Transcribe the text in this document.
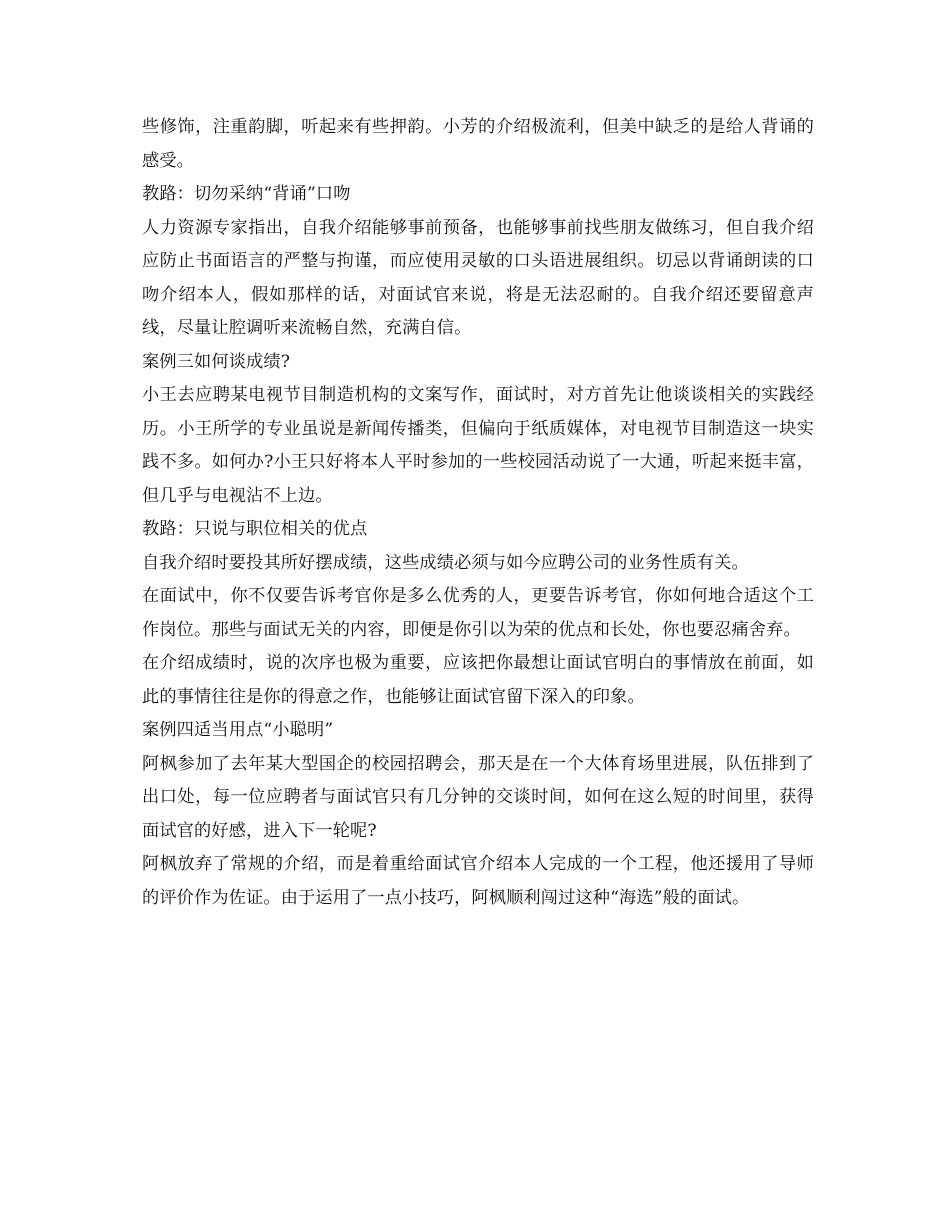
些修饰，注重韵脚，听起来有些押韵。小芳的介绍极流利，但美中缺乏的是给人背诵的感受。

教路：切勿采纳“背诵”口吻

人力资源专家指出，自我介绍能够事前预备，也能够事前找些朋友做练习，但自我介绍应防止书面语言的严整与拘谨，而应使用灵敏的口头语进展组织。切忌以背诵朗读的口吻介绍本人，假如那样的话，对面试官来说，将是无法忍耐的。自我介绍还要留意声线，尽量让腔调听来流畅自然，充满自信。

案例三如何谈成绩?

小王去应聘某电视节目制造机构的文案写作，面试时，对方首先让他谈谈相关的实践经历。小王所学的专业虽说是新闻传播类，但偏向于纸质媒体，对电视节目制造这一块实践不多。如何办?小王只好将本人平时参加的一些校园活动说了一大通，听起来挺丰富，但几乎与电视沾不上边。

教路：只说与职位相关的优点

自我介绍时要投其所好摆成绩，这些成绩必须与如今应聘公司的业务性质有关。

在面试中，你不仅要告诉考官你是多么优秀的人，更要告诉考官，你如何地合适这个工作岗位。那些与面试无关的内容，即便是你引以为荣的优点和长处，你也要忍痛舍弃。

在介绍成绩时，说的次序也极为重要，应该把你最想让面试官明白的事情放在前面，如此的事情往往是你的得意之作，也能够让面试官留下深入的印象。

案例四适当用点“小聪明”

阿枫参加了去年某大型国企的校园招聘会，那天是在一个大体育场里进展，队伍排到了出口处，每一位应聘者与面试官只有几分钟的交谈时间，如何在这么短的时间里，获得面试官的好感，进入下一轮呢?

阿枫放弃了常规的介绍，而是着重给面试官介绍本人完成的一个工程，他还援用了导师的评价作为佐证。由于运用了一点小技巧，阿枫顺利闯过这种“海选”般的面试。
